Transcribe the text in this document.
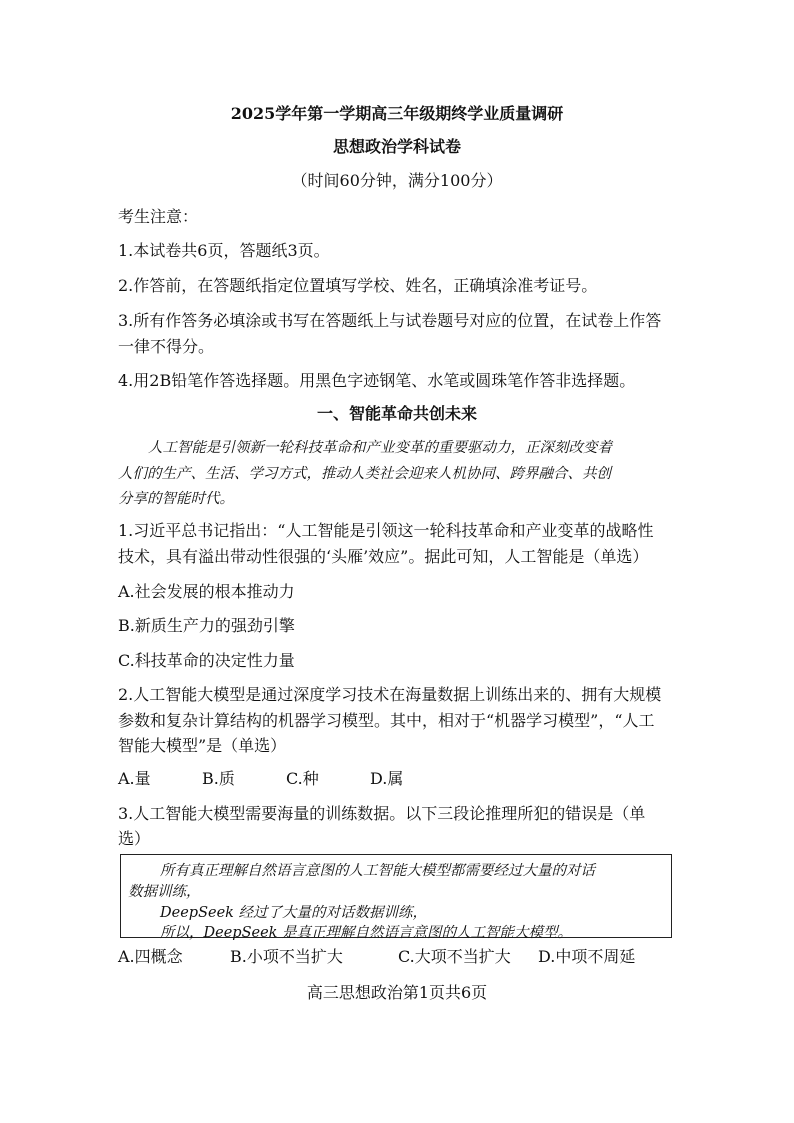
2025学年第一学期高三年级期终学业质量调研
思想政治学科试卷
（时间60分钟，满分100分）
考生注意：
1.本试卷共6页，答题纸3页。
2.作答前，在答题纸指定位置填写学校、姓名，正确填涂准考证号。
3.所有作答务必填涂或书写在答题纸上与试卷题号对应的位置，在试卷上作答
一律不得分。
4.用2B铅笔作答选择题。用黑色字迹钢笔、水笔或圆珠笔作答非选择题。
一、智能革命共创未来
人工智能是引领新一轮科技革命和产业变革的重要驱动力，正深刻改变着
人们的生产、生活、学习方式，推动人类社会迎来人机协同、跨界融合、共创
分享的智能时代。
1.习近平总书记指出：“人工智能是引领这一轮科技革命和产业变革的战略性
技术，具有溢出带动性很强的‘头雁’效应”。据此可知，人工智能是（单选）
A.社会发展的根本推动力
B.新质生产力的强劲引擎
C.科技革命的决定性力量
2.人工智能大模型是通过深度学习技术在海量数据上训练出来的、拥有大规模
参数和复杂计算结构的机器学习模型。其中，相对于“机器学习模型”，“人工
智能大模型”是（单选）
A.量	B.质	C.种	D.属
3.人工智能大模型需要海量的训练数据。以下三段论推理所犯的错误是（单
选）
所有真正理解自然语言意图的人工智能大模型都需要经过大量的对话
数据训练，
DeepSeek 经过了大量的对话数据训练，
所以，DeepSeek 是真正理解自然语言意图的人工智能大模型。
A.四概念	B.小项不当扩大	C.大项不当扩大 D.中项不周延
高三思想政治第1页共6页
